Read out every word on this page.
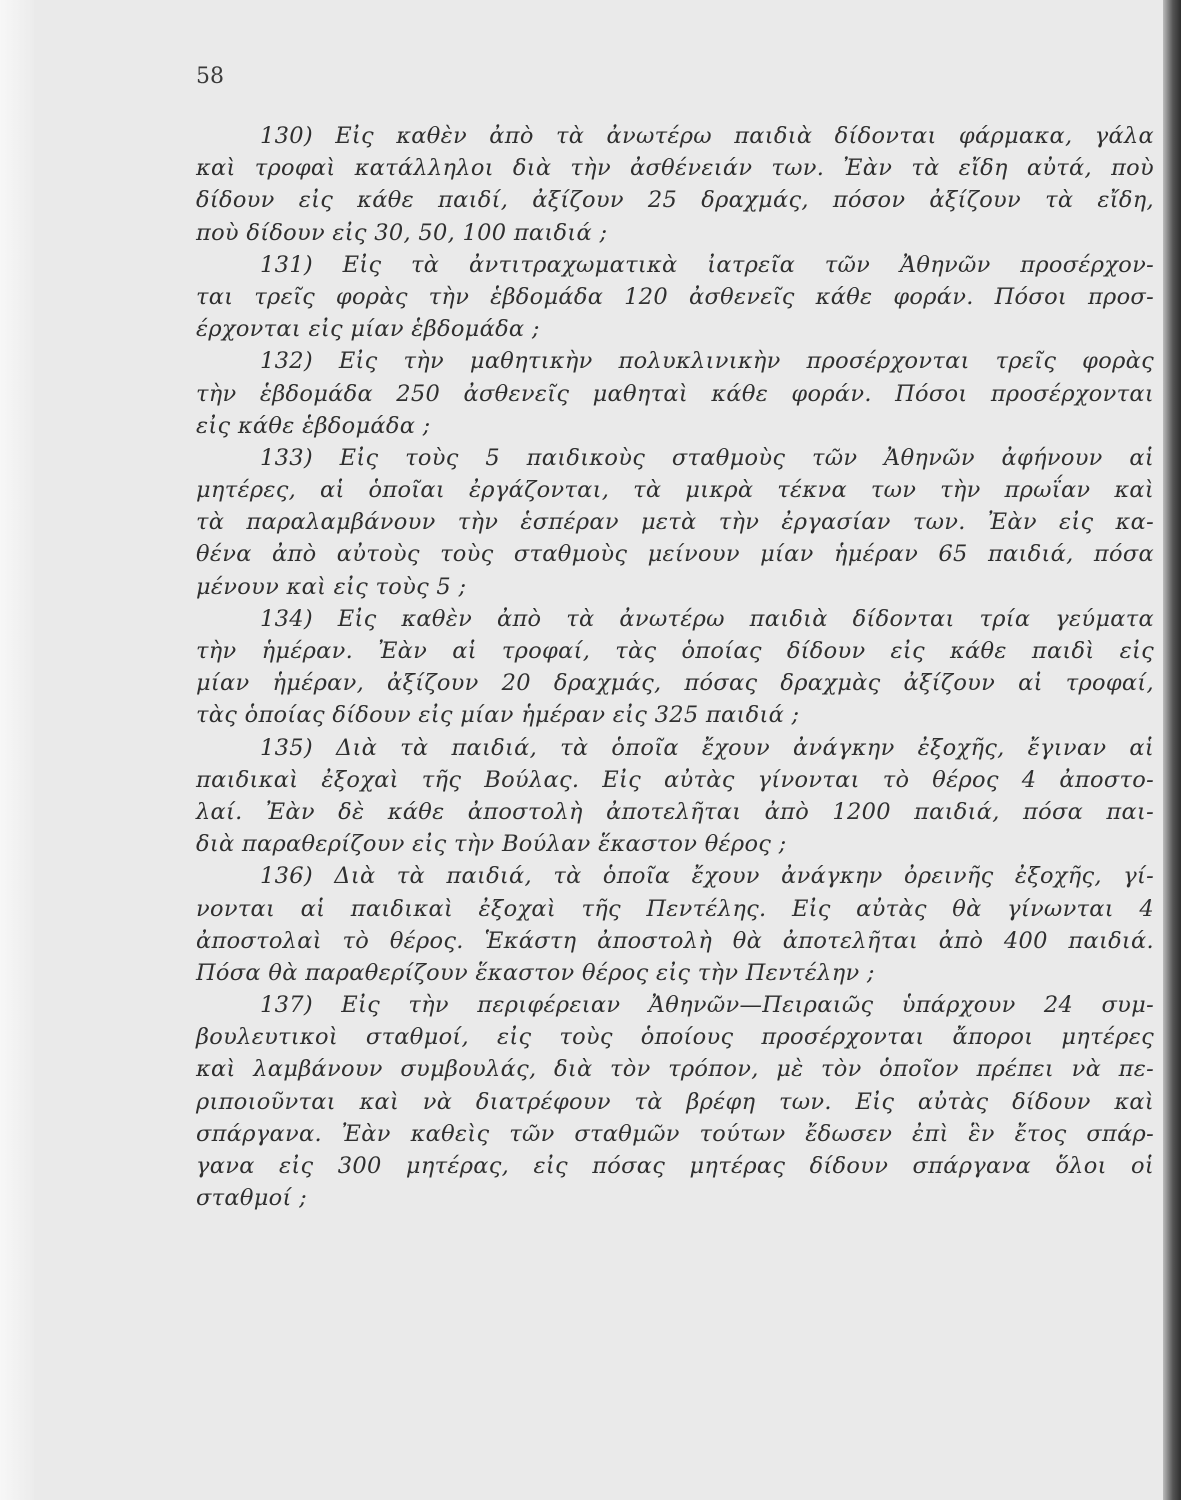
58

130) Εἰς καθὲν ἀπὸ τὰ ἀνωτέρω παιδιὰ δίδονται φάρμακα, γάλα
καὶ τροφαὶ κατάλληλοι διὰ τὴν ἀσθένειάν των. Ἐὰν τὰ εἴδη αὐτά, ποὺ
δίδουν εἰς κάθε παιδί, ἀξίζουν 25 δραχμάς, πόσον ἀξίζουν τὰ εἴδη,
ποὺ δίδουν εἰς 30, 50, 100 παιδιά ;
131) Εἰς τὰ ἀντιτραχωματικὰ ἰατρεῖα τῶν Ἀθηνῶν προσέρχον-
ται τρεῖς φορὰς τὴν ἑβδομάδα 120 ἀσθενεῖς κάθε φοράν. Πόσοι προσ-
έρχονται εἰς μίαν ἑβδομάδα ;
132) Εἰς τὴν μαθητικὴν πολυκλινικὴν προσέρχονται τρεῖς φορὰς
τὴν ἑβδομάδα 250 ἀσθενεῖς μαθηταὶ κάθε φοράν. Πόσοι προσέρχονται
εἰς κάθε ἑβδομάδα ;
133) Εἰς τοὺς 5 παιδικοὺς σταθμοὺς τῶν Ἀθηνῶν ἀφήνουν αἱ
μητέρες, αἱ ὁποῖαι ἐργάζονται, τὰ μικρὰ τέκνα των τὴν πρωΐαν καὶ
τὰ παραλαμβάνουν τὴν ἑσπέραν μετὰ τὴν ἐργασίαν των. Ἐὰν εἰς κα-
θένα ἀπὸ αὐτοὺς τοὺς σταθμοὺς μείνουν μίαν ἡμέραν 65 παιδιά, πόσα
μένουν καὶ εἰς τοὺς 5 ;
134) Εἰς καθὲν ἀπὸ τὰ ἀνωτέρω παιδιὰ δίδονται τρία γεύματα
τὴν ἡμέραν. Ἐὰν αἱ τροφαί, τὰς ὁποίας δίδουν εἰς κάθε παιδὶ εἰς
μίαν ἡμέραν, ἀξίζουν 20 δραχμάς, πόσας δραχμὰς ἀξίζουν αἱ τροφαί,
τὰς ὁποίας δίδουν εἰς μίαν ἡμέραν εἰς 325 παιδιά ;
135) Διὰ τὰ παιδιά, τὰ ὁποῖα ἔχουν ἀνάγκην ἐξοχῆς, ἔγιναν αἱ
παιδικαὶ ἐξοχαὶ τῆς Βούλας. Εἰς αὐτὰς γίνονται τὸ θέρος 4 ἀποστο-
λαί. Ἐὰν δὲ κάθε ἀποστολὴ ἀποτελῆται ἀπὸ 1200 παιδιά, πόσα παι-
διὰ παραθερίζουν εἰς τὴν Βούλαν ἕκαστον θέρος ;
136) Διὰ τὰ παιδιά, τὰ ὁποῖα ἔχουν ἀνάγκην ὀρεινῆς ἐξοχῆς, γί-
νονται αἱ παιδικαὶ ἐξοχαὶ τῆς Πεντέλης. Εἰς αὐτὰς θὰ γίνωνται 4
ἀποστολαὶ τὸ θέρος. Ἑκάστη ἀποστολὴ θὰ ἀποτελῆται ἀπὸ 400 παιδιά.
Πόσα θὰ παραθερίζουν ἕκαστον θέρος εἰς τὴν Πεντέλην ;
137) Εἰς τὴν περιφέρειαν Ἀθηνῶν—Πειραιῶς ὑπάρχουν 24 συμ-
βουλευτικοὶ σταθμοί, εἰς τοὺς ὁποίους προσέρχονται ἄποροι μητέρες
καὶ λαμβάνουν συμβουλάς, διὰ τὸν τρόπον, μὲ τὸν ὁποῖον πρέπει νὰ πε-
ριποιοῦνται καὶ νὰ διατρέφουν τὰ βρέφη των. Εἰς αὐτὰς δίδουν καὶ
σπάργανα. Ἐὰν καθεὶς τῶν σταθμῶν τούτων ἔδωσεν ἐπὶ ἓν ἔτος σπάρ-
γανα εἰς 300 μητέρας, εἰς πόσας μητέρας δίδουν σπάργανα ὅλοι οἱ
σταθμοί ;
